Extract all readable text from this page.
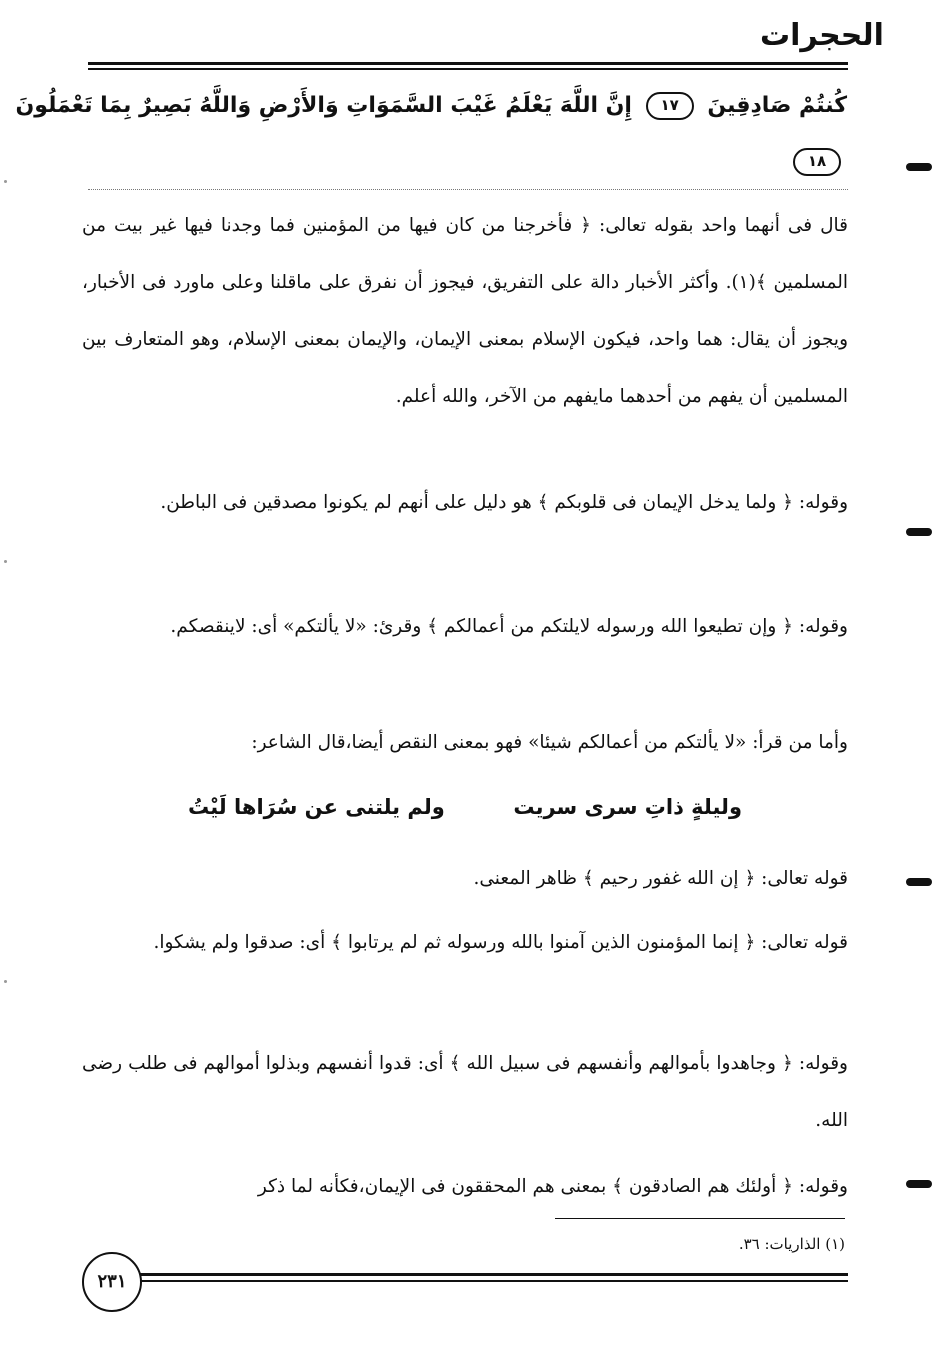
الحجرات
كُنتُمْ صَادِقِينَ ١٧ إِنَّ اللَّهَ يَعْلَمُ غَيْبَ السَّمَوَاتِ وَالأَرْضِ وَاللَّهُ بَصِيرٌ بِمَا تَعْمَلُونَ
١٨
قال فى أنهما واحد بقوله تعالى: ﴿ فأخرجنا من كان فيها من المؤمنين فما وجدنا فيها غير بيت من المسلمين ﴾(١). وأكثر الأخبار دالة على التفريق، فيجوز أن نفرق على ماقلنا وعلى ماورد فى الأخبار، ويجوز أن يقال: هما واحد، فيكون الإسلام بمعنى الإيمان، والإيمان بمعنى الإسلام، وهو المتعارف بين المسلمين أن يفهم من أحدهما مايفهم من الآخر، والله أعلم.
وقوله: ﴿ ولما يدخل الإيمان فى قلوبكم ﴾ هو دليل على أنهم لم يكونوا مصدقين فى الباطن.
وقوله: ﴿ وإن تطيعوا الله ورسوله لايلتكم من أعمالكم ﴾ وقرئ: «لا يألتكم» أى: لاينقصكم.
وأما من قرأ: «لا يألتكم من أعمالكم شيئا» فهو بمعنى النقص أيضا،قال الشاعر:
وليلةٍ ذاتِ سرى سريت
ولم يلتنى عن سُرَاها لَيْتُ
قوله تعالى: ﴿ إن الله غفور رحيم ﴾ ظاهر المعنى.
قوله تعالى: ﴿ إنما المؤمنون الذين آمنوا بالله ورسوله ثم لم يرتابوا ﴾ أى: صدقوا ولم يشكوا.
وقوله: ﴿ وجاهدوا بأموالهم وأنفسهم فى سبيل الله ﴾ أى: قدوا أنفسهم وبذلوا أموالهم فى طلب رضى الله.
وقوله: ﴿ أولئك هم الصادقون ﴾ بمعنى هم المحققون فى الإيمان،فكأنه لما ذكر
(١) الذاريات: ٣٦.
٢٣١
